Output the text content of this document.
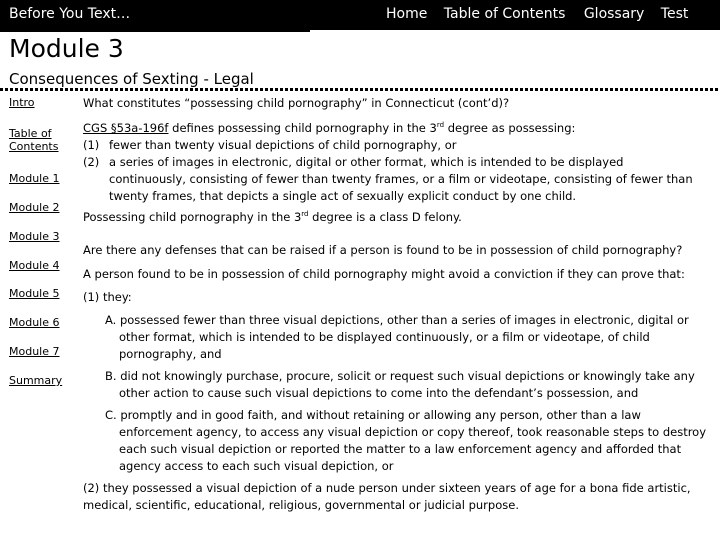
Before You Text…	Home Table of Contents Glossary Test
Module 3
Consequences of Sexting - Legal
Intro
Table of Contents
Module 1
Module 2
Module 3
Module 4
Module 5
Module 6
Module 7
Summary

What constitutes “possessing child pornography” in Connecticut (cont’d)?

CGS §53a-196f defines possessing child pornography in the 3rd degree as possessing:

(1) fewer than twenty visual depictions of child pornography, or
(2) a series of images in electronic, digital or other format, which is intended to be displayed continuously, consisting of fewer than twenty frames, or a film or videotape, consisting of fewer than twenty frames, that depicts a single act of sexually explicit conduct by one child.

Possessing child pornography in the 3rd degree is a class D felony.

Are there any defenses that can be raised if a person is found to be in possession of child pornography?

A person found to be in possession of child pornography might avoid a conviction if they can prove that:

(1) they:

A. possessed fewer than three visual depictions, other than a series of images in electronic, digital or other format, which is intended to be displayed continuously, or a film or videotape, of child pornography, and
B. did not knowingly purchase, procure, solicit or request such visual depictions or knowingly take any other action to cause such visual depictions to come into the defendant’s possession, and
C. promptly and in good faith, and without retaining or allowing any person, other than a law enforcement agency, to access any visual depiction or copy thereof, took reasonable steps to destroy each such visual depiction or reported the matter to a law enforcement agency and afforded that agency access to each such visual depiction, or

(2) they possessed a visual depiction of a nude person under sixteen years of age for a bona fide artistic, medical, scientific, educational, religious, governmental or judicial purpose.
